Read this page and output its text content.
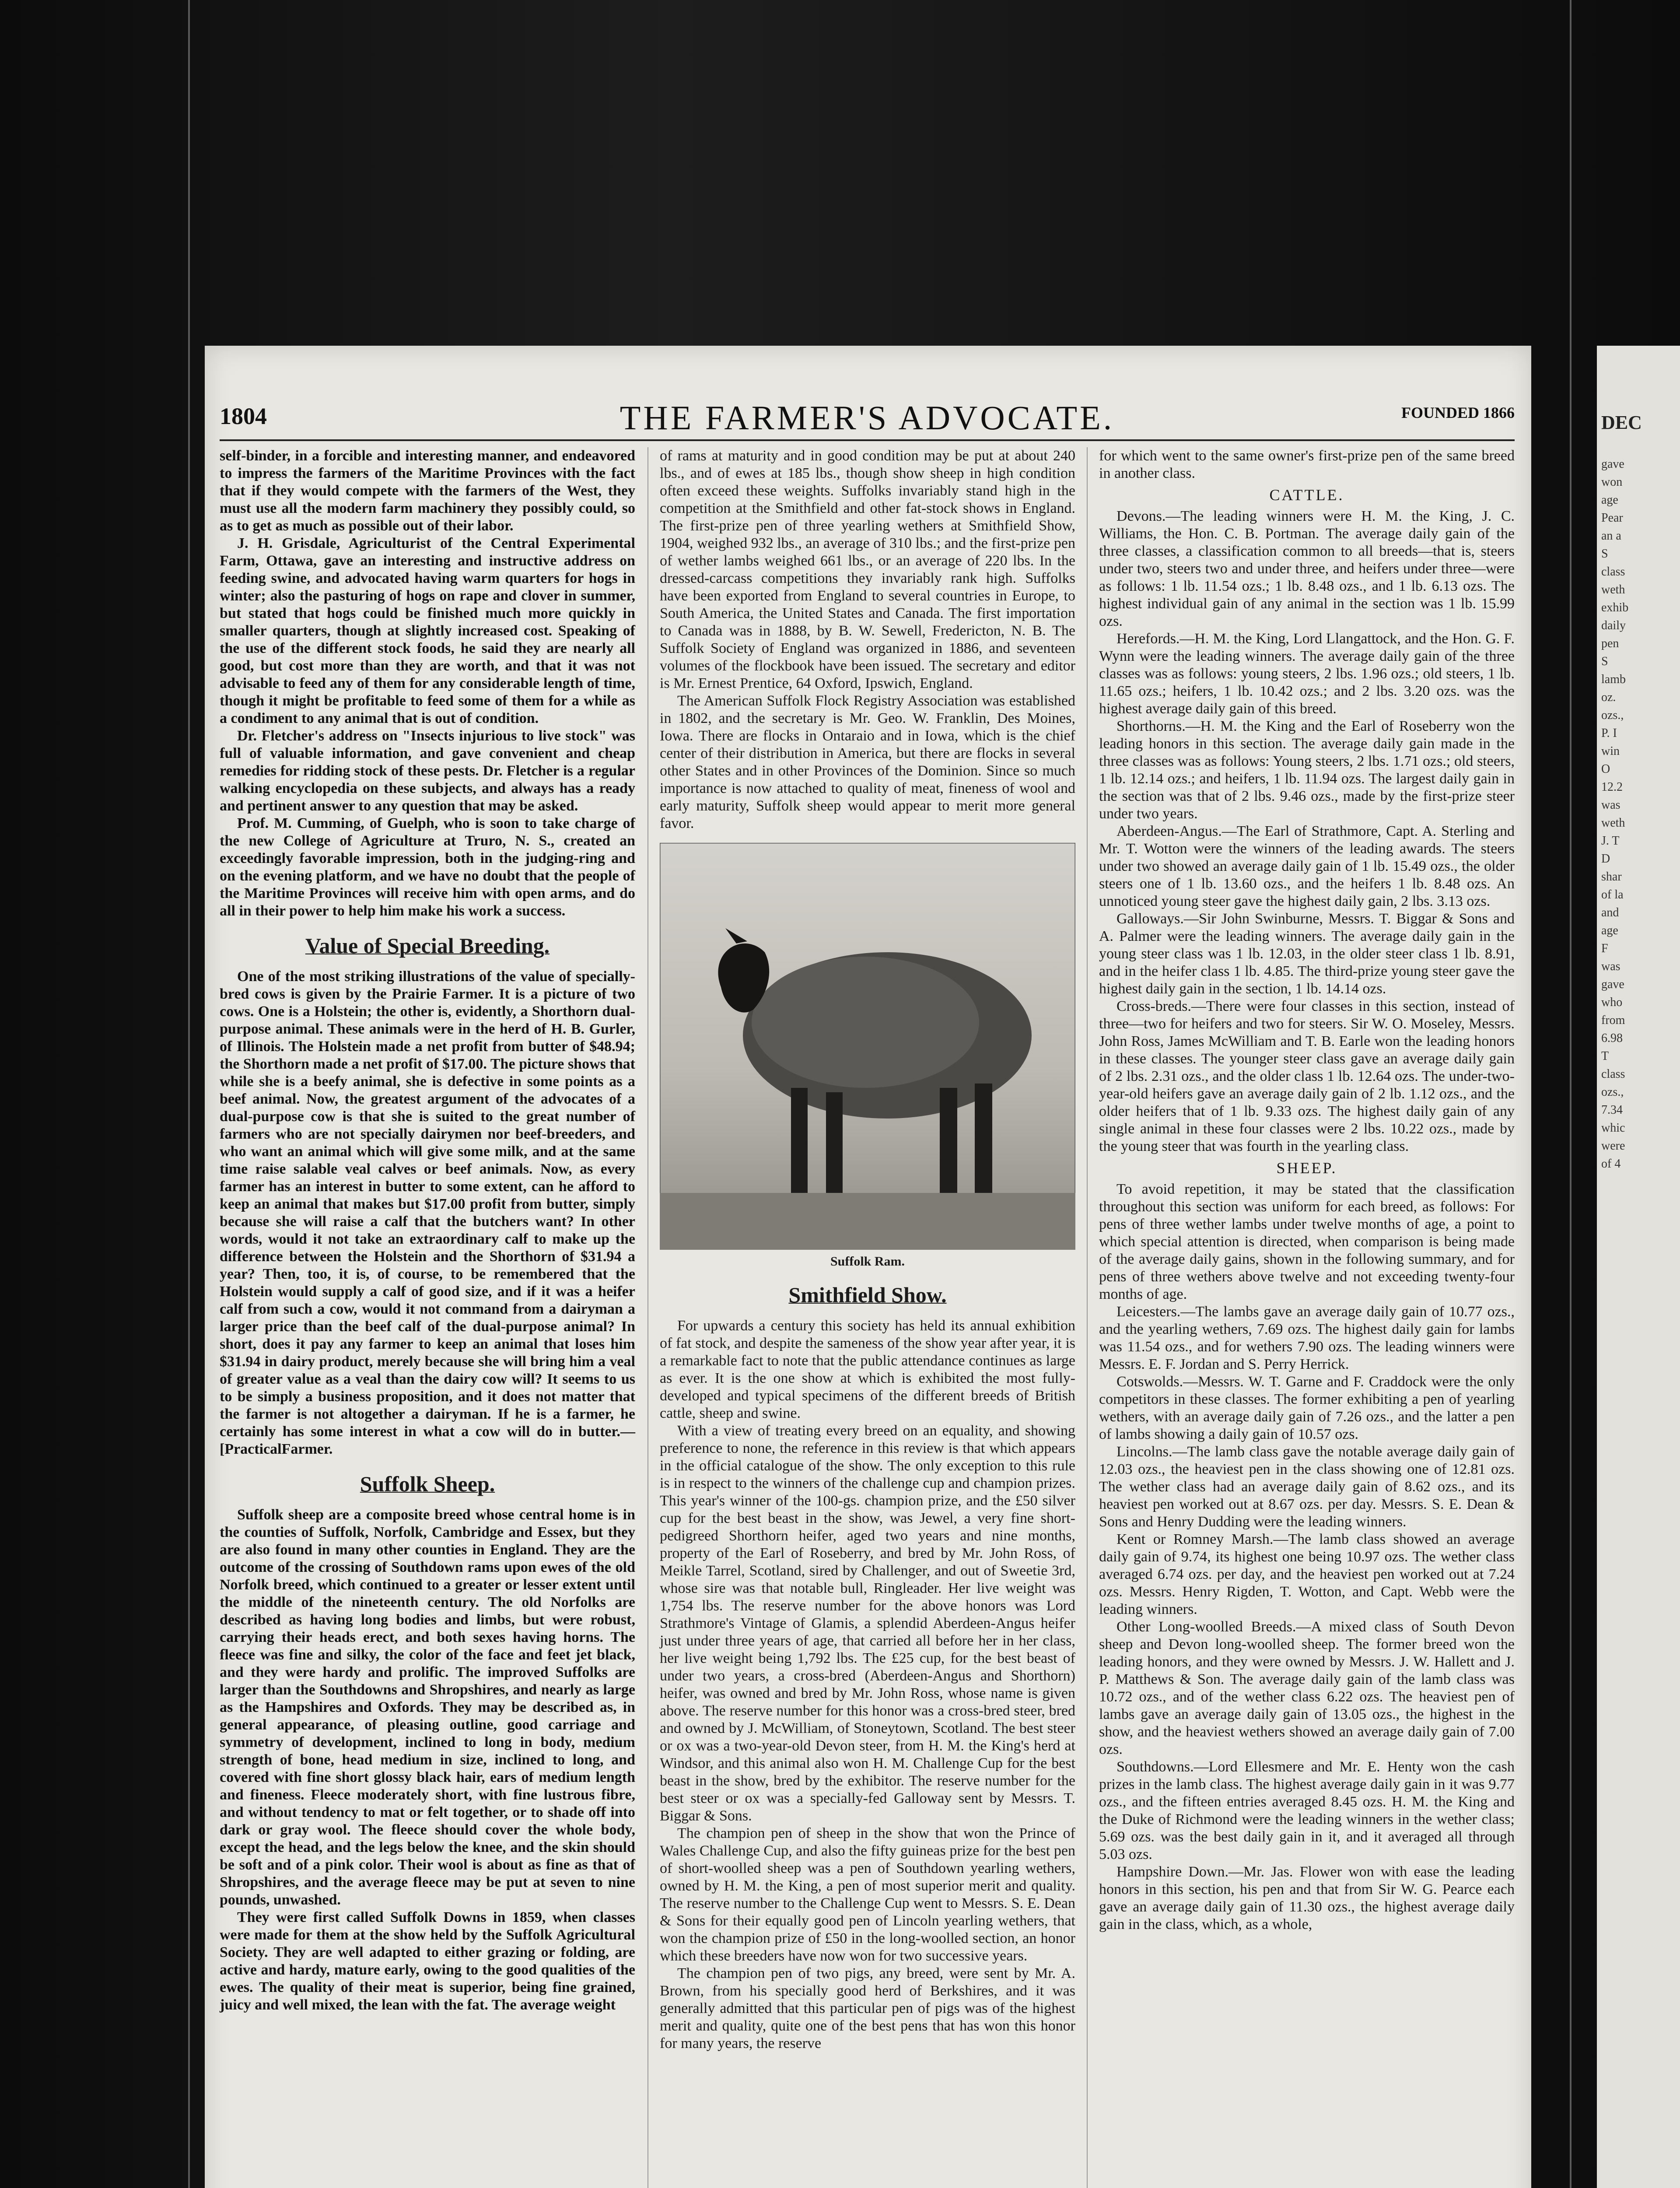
1804	THE FARMER'S ADVOCATE.	FOUNDED 1866

self-binder, in a forcible and interesting manner, and endeavored to impress the farmers of the Maritime Provinces with the fact that if they would compete with the farmers of the West, they must use all the modern farm machinery they possibly could, so as to get as much as possible out of their labor.

J. H. Grisdale, Agriculturist of the Central Experimental Farm, Ottawa, gave an interesting and instructive address on feeding swine, and advocated having warm quarters for hogs in winter; also the pasturing of hogs on rape and clover in summer, but stated that hogs could be finished much more quickly in smaller quarters, though at slightly increased cost. Speaking of the use of the different stock foods, he said they are nearly all good, but cost more than they are worth, and that it was not advisable to feed any of them for any considerable length of time, though it might be profitable to feed some of them for a while as a condiment to any animal that is out of condition.

Dr. Fletcher's address on "Insects injurious to live stock" was full of valuable information, and gave convenient and cheap remedies for ridding stock of these pests. Dr. Fletcher is a regular walking encyclopedia on these subjects, and always has a ready and pertinent answer to any question that may be asked.

Prof. M. Cumming, of Guelph, who is soon to take charge of the new College of Agriculture at Truro, N. S., created an exceedingly favorable impression, both in the judging-ring and on the evening platform, and we have no doubt that the people of the Maritime Provinces will receive him with open arms, and do all in their power to help him make his work a success.

Value of Special Breeding.

One of the most striking illustrations of the value of specially-bred cows is given by the Prairie Farmer. It is a picture of two cows. One is a Holstein; the other is, evidently, a Shorthorn dual-purpose animal. These animals were in the herd of H. B. Gurler, of Illinois. The Holstein made a net profit from butter of $48.94; the Shorthorn made a net profit of $17.00. The picture shows that while she is a beefy animal, she is defective in some points as a beef animal. Now, the greatest argument of the advocates of a dual-purpose cow is that she is suited to the great number of farmers who are not specially dairymen nor beef-breeders, and who want an animal which will give some milk, and at the same time raise salable veal calves or beef animals. Now, as every farmer has an interest in butter to some extent, can he afford to keep an animal that makes but $17.00 profit from butter, simply because she will raise a calf that the butchers want? In other words, would it not take an extraordinary calf to make up the difference between the Holstein and the Shorthorn of $31.94 a year? Then, too, it is, of course, to be remembered that the Holstein would supply a calf of good size, and if it was a heifer calf from such a cow, would it not command from a dairyman a larger price than the beef calf of the dual-purpose animal? In short, does it pay any farmer to keep an animal that loses him $31.94 in dairy product, merely because she will bring him a veal of greater value as a veal than the dairy cow will? It seems to us to be simply a business proposition, and it does not matter that the farmer is not altogether a dairyman. If he is a farmer, he certainly has some interest in what a cow will do in butter.—[PracticalFarmer.

Suffolk Sheep.

Suffolk sheep are a composite breed whose central home is in the counties of Suffolk, Norfolk, Cambridge and Essex, but they are also found in many other counties in England. They are the outcome of the crossing of Southdown rams upon ewes of the old Norfolk breed, which continued to a greater or lesser extent until the middle of the nineteenth century. The old Norfolks are described as having long bodies and limbs, but were robust, carrying their heads erect, and both sexes having horns. The fleece was fine and silky, the color of the face and feet jet black, and they were hardy and prolific. The improved Suffolks are larger than the Southdowns and Shropshires, and nearly as large as the Hampshires and Oxfords. They may be described as, in general appearance, of pleasing outline, good carriage and symmetry of development, inclined to long in body, medium strength of bone, head medium in size, inclined to long, and covered with fine short glossy black hair, ears of medium length and fineness. Fleece moderately short, with fine lustrous fibre, and without tendency to mat or felt together, or to shade off into dark or gray wool. The fleece should cover the whole body, except the head, and the legs below the knee, and the skin should be soft and of a pink color. Their wool is about as fine as that of Shropshires, and the average fleece may be put at seven to nine pounds, unwashed.

They were first called Suffolk Downs in 1859, when classes were made for them at the show held by the Suffolk Agricultural Society. They are well adapted to either grazing or folding, are active and hardy, mature early, owing to the good qualities of the ewes. The quality of their meat is superior, being fine grained, juicy and well mixed, the lean with the fat. The average weight

of rams at maturity and in good condition may be put at about 240 lbs., and of ewes at 185 lbs., though show sheep in high condition often exceed these weights. Suffolks invariably stand high in the competition at the Smithfield and other fat-stock shows in England. The first-prize pen of three yearling wethers at Smithfield Show, 1904, weighed 932 lbs., an average of 310 lbs.; and the first-prize pen of wether lambs weighed 661 lbs., or an average of 220 lbs. In the dressed-carcass competitions they invariably rank high. Suffolks have been exported from England to several countries in Europe, to South America, the United States and Canada. The first importation to Canada was in 1888, by B. W. Sewell, Fredericton, N. B. The Suffolk Society of England was organized in 1886, and seventeen volumes of the flockbook have been issued. The secretary and editor is Mr. Ernest Prentice, 64 Oxford, Ipswich, England.

The American Suffolk Flock Registry Association was established in 1802, and the secretary is Mr. Geo. W. Franklin, Des Moines, Iowa. There are flocks in Ontaraio and in Iowa, which is the chief center of their distribution in America, but there are flocks in several other States and in other Provinces of the Dominion. Since so much importance is now attached to quality of meat, fineness of wool and early maturity, Suffolk sheep would appear to merit more general favor.

Suffolk Ram.
Smithfield Show.

For upwards a century this society has held its annual exhibition of fat stock, and despite the sameness of the show year after year, it is a remarkable fact to note that the public attendance continues as large as ever. It is the one show at which is exhibited the most fully-developed and typical specimens of the different breeds of British cattle, sheep and swine.

With a view of treating every breed on an equality, and showing preference to none, the reference in this review is that which appears in the official catalogue of the show. The only exception to this rule is in respect to the winners of the challenge cup and champion prizes. This year's winner of the 100-gs. champion prize, and the £50 silver cup for the best beast in the show, was Jewel, a very fine short-pedigreed Shorthorn heifer, aged two years and nine months, property of the Earl of Roseberry, and bred by Mr. John Ross, of Meikle Tarrel, Scotland, sired by Challenger, and out of Sweetie 3rd, whose sire was that notable bull, Ringleader. Her live weight was 1,754 lbs. The reserve number for the above honors was Lord Strathmore's Vintage of Glamis, a splendid Aberdeen-Angus heifer just under three years of age, that carried all before her in her class, her live weight being 1,792 lbs. The £25 cup, for the best beast of under two years, a cross-bred (Aberdeen-Angus and Shorthorn) heifer, was owned and bred by Mr. John Ross, whose name is given above. The reserve number for this honor was a cross-bred steer, bred and owned by J. McWilliam, of Stoneytown, Scotland. The best steer or ox was a two-year-old Devon steer, from H. M. the King's herd at Windsor, and this animal also won H. M. Challenge Cup for the best beast in the show, bred by the exhibitor. The reserve number for the best steer or ox was a specially-fed Galloway sent by Messrs. T. Biggar & Sons.

The champion pen of sheep in the show that won the Prince of Wales Challenge Cup, and also the fifty guineas prize for the best pen of short-woolled sheep was a pen of Southdown yearling wethers, owned by H. M. the King, a pen of most superior merit and quality. The reserve number to the Challenge Cup went to Messrs. S. E. Dean & Sons for their equally good pen of Lincoln yearling wethers, that won the champion prize of £50 in the long-woolled section, an honor which these breeders have now won for two successive years.

The champion pen of two pigs, any breed, were sent by Mr. A. Brown, from his specially good herd of Berkshires, and it was generally admitted that this particular pen of pigs was of the highest merit and quality, quite one of the best pens that has won this honor for many years, the reserve

for which went to the same owner's first-prize pen of the same breed in another class.

CATTLE.

Devons.—The leading winners were H. M. the King, J. C. Williams, the Hon. C. B. Portman. The average daily gain of the three classes, a classification common to all breeds—that is, steers under two, steers two and under three, and heifers under three—were as follows: 1 lb. 11.54 ozs.; 1 lb. 8.48 ozs., and 1 lb. 6.13 ozs. The highest individual gain of any animal in the section was 1 lb. 15.99 ozs.

Herefords.—H. M. the King, Lord Llangattock, and the Hon. G. F. Wynn were the leading winners. The average daily gain of the three classes was as follows: young steers, 2 lbs. 1.96 ozs.; old steers, 1 lb. 11.65 ozs.; heifers, 1 lb. 10.42 ozs.; and 2 lbs. 3.20 ozs. was the highest average daily gain of this breed.

Shorthorns.—H. M. the King and the Earl of Roseberry won the leading honors in this section. The average daily gain made in the three classes was as follows: Young steers, 2 lbs. 1.71 ozs.; old steers, 1 lb. 12.14 ozs.; and heifers, 1 lb. 11.94 ozs. The largest daily gain in the section was that of 2 lbs. 9.46 ozs., made by the first-prize steer under two years.

Aberdeen-Angus.—The Earl of Strathmore, Capt. A. Sterling and Mr. T. Wotton were the winners of the leading awards. The steers under two showed an average daily gain of 1 lb. 15.49 ozs., the older steers one of 1 lb. 13.60 ozs., and the heifers 1 lb. 8.48 ozs. An unnoticed young steer gave the highest daily gain, 2 lbs. 3.13 ozs.

Galloways.—Sir John Swinburne, Messrs. T. Biggar & Sons and A. Palmer were the leading winners. The average daily gain in the young steer class was 1 lb. 12.03, in the older steer class 1 lb. 8.91, and in the heifer class 1 lb. 4.85. The third-prize young steer gave the highest daily gain in the section, 1 lb. 14.14 ozs.

Cross-breds.—There were four classes in this section, instead of three—two for heifers and two for steers. Sir W. O. Moseley, Messrs. John Ross, James McWilliam and T. B. Earle won the leading honors in these classes. The younger steer class gave an average daily gain of 2 lbs. 2.31 ozs., and the older class 1 lb. 12.64 ozs. The under-two-year-old heifers gave an average daily gain of 2 lb. 1.12 ozs., and the older heifers that of 1 lb. 9.33 ozs. The highest daily gain of any single animal in these four classes were 2 lbs. 10.22 ozs., made by the young steer that was fourth in the yearling class.

SHEEP.

To avoid repetition, it may be stated that the classification throughout this section was uniform for each breed, as follows: For pens of three wether lambs under twelve months of age, a point to which special attention is directed, when comparison is being made of the average daily gains, shown in the following summary, and for pens of three wethers above twelve and not exceeding twenty-four months of age.

Leicesters.—The lambs gave an average daily gain of 10.77 ozs., and the yearling wethers, 7.69 ozs. The highest daily gain for lambs was 11.54 ozs., and for wethers 7.90 ozs. The leading winners were Messrs. E. F. Jordan and S. Perry Herrick.

Cotswolds.—Messrs. W. T. Garne and F. Craddock were the only competitors in these classes. The former exhibiting a pen of yearling wethers, with an average daily gain of 7.26 ozs., and the latter a pen of lambs showing a daily gain of 10.57 ozs.

Lincolns.—The lamb class gave the notable average daily gain of 12.03 ozs., the heaviest pen in the class showing one of 12.81 ozs. The wether class had an average daily gain of 8.62 ozs., and its heaviest pen worked out at 8.67 ozs. per day. Messrs. S. E. Dean & Sons and Henry Dudding were the leading winners.

Kent or Romney Marsh.—The lamb class showed an average daily gain of 9.74, its highest one being 10.97 ozs. The wether class averaged 6.74 ozs. per day, and the heaviest pen worked out at 7.24 ozs. Messrs. Henry Rigden, T. Wotton, and Capt. Webb were the leading winners.

Other Long-woolled Breeds.—A mixed class of South Devon sheep and Devon long-woolled sheep. The former breed won the leading honors, and they were owned by Messrs. J. W. Hallett and J. P. Matthews & Son. The average daily gain of the lamb class was 10.72 ozs., and of the wether class 6.22 ozs. The heaviest pen of lambs gave an average daily gain of 13.05 ozs., the highest in the show, and the heaviest wethers showed an average daily gain of 7.00 ozs.

Southdowns.—Lord Ellesmere and Mr. E. Henty won the cash prizes in the lamb class. The highest average daily gain in it was 9.77 ozs., and the fifteen entries averaged 8.45 ozs. H. M. the King and the Duke of Richmond were the leading winners in the wether class; 5.69 ozs. was the best daily gain in it, and it averaged all through 5.03 ozs.

Hampshire Down.—Mr. Jas. Flower won with ease the leading honors in this section, his pen and that from Sir W. G. Pearce each gave an average daily gain of 11.30 ozs., the highest average daily gain in the class, which, as a whole,

DEC
gave
won
age
Pear
an a
S
class
weth
exhib
daily
pen
S
lamb
oz.
ozs.,
P. I
win
O
12.2
was
weth
J. T
D
shar
of la
and
age
F
was
gave
who
from
6.98
T
class
ozs.,
7.34
whic
were
of 4
